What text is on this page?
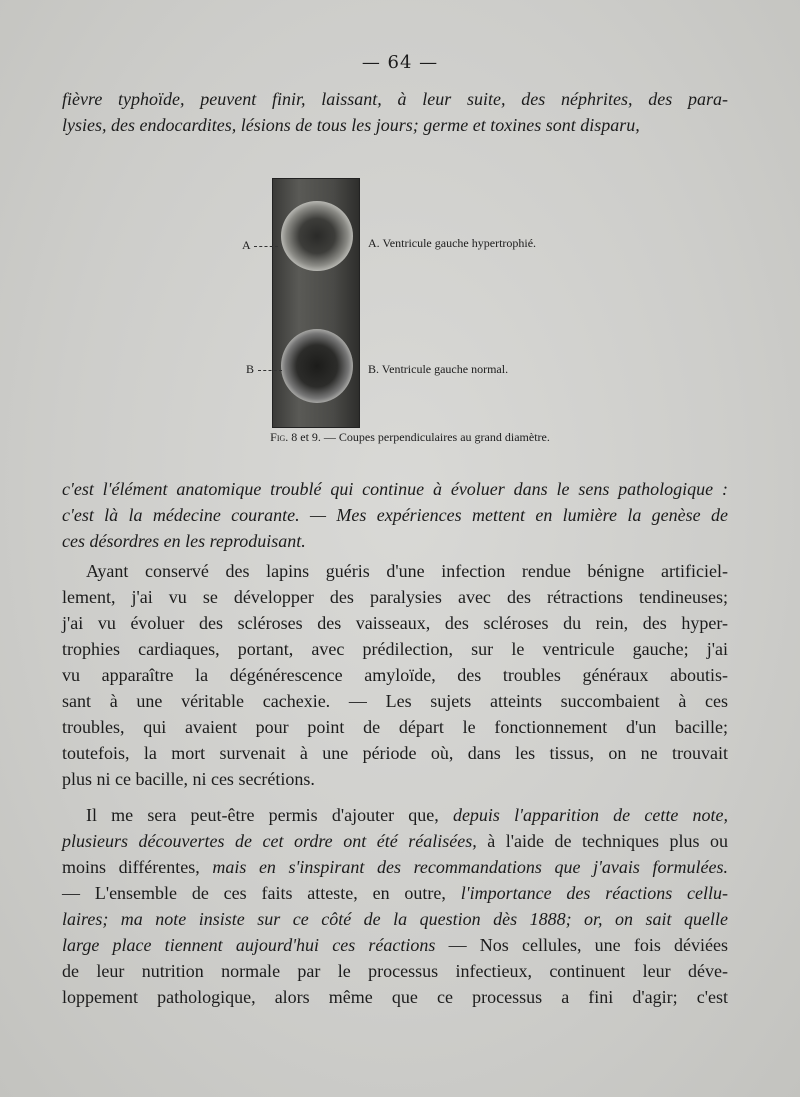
— 64 —
fièvre typhoïde, peuvent finir, laissant, à leur suite, des néphrites, des para-
lysies, des endocardites, lésions de tous les jours; germe et toxines sont disparu,
A
B
A. Ventricule gauche hypertrophié.
B. Ventricule gauche normal.
Fig. 8 et 9. — Coupes perpendiculaires au grand diamètre.
c'est l'élément anatomique troublé qui continue à évoluer dans le sens pathologique :
c'est là la médecine courante. — Mes expériences mettent en lumière la genèse de
ces désordres en les reproduisant.
Ayant conservé des lapins guéris d'une infection rendue bénigne artificiel-
lement, j'ai vu se développer des paralysies avec des rétractions tendineuses;
j'ai vu évoluer des scléroses des vaisseaux, des scléroses du rein, des hyper-
trophies cardiaques, portant, avec prédilection, sur le ventricule gauche; j'ai
vu apparaître la dégénérescence amyloïde, des troubles généraux aboutis-
sant à une véritable cachexie. — Les sujets atteints succombaient à ces
troubles, qui avaient pour point de départ le fonctionnement d'un bacille;
toutefois, la mort survenait à une période où, dans les tissus, on ne trouvait
plus ni ce bacille, ni ces secrétions.
Il me sera peut-être permis d'ajouter que, depuis l'apparition de cette note,
plusieurs découvertes de cet ordre ont été réalisées, à l'aide de techniques plus ou
moins différentes, mais en s'inspirant des recommandations que j'avais formulées.
— L'ensemble de ces faits atteste, en outre, l'importance des réactions cellu-
laires; ma note insiste sur ce côté de la question dès 1888; or, on sait quelle
large place tiennent aujourd'hui ces réactions — Nos cellules, une fois déviées
de leur nutrition normale par le processus infectieux, continuent leur déve-
loppement pathologique, alors même que ce processus a fini d'agir; c'est
